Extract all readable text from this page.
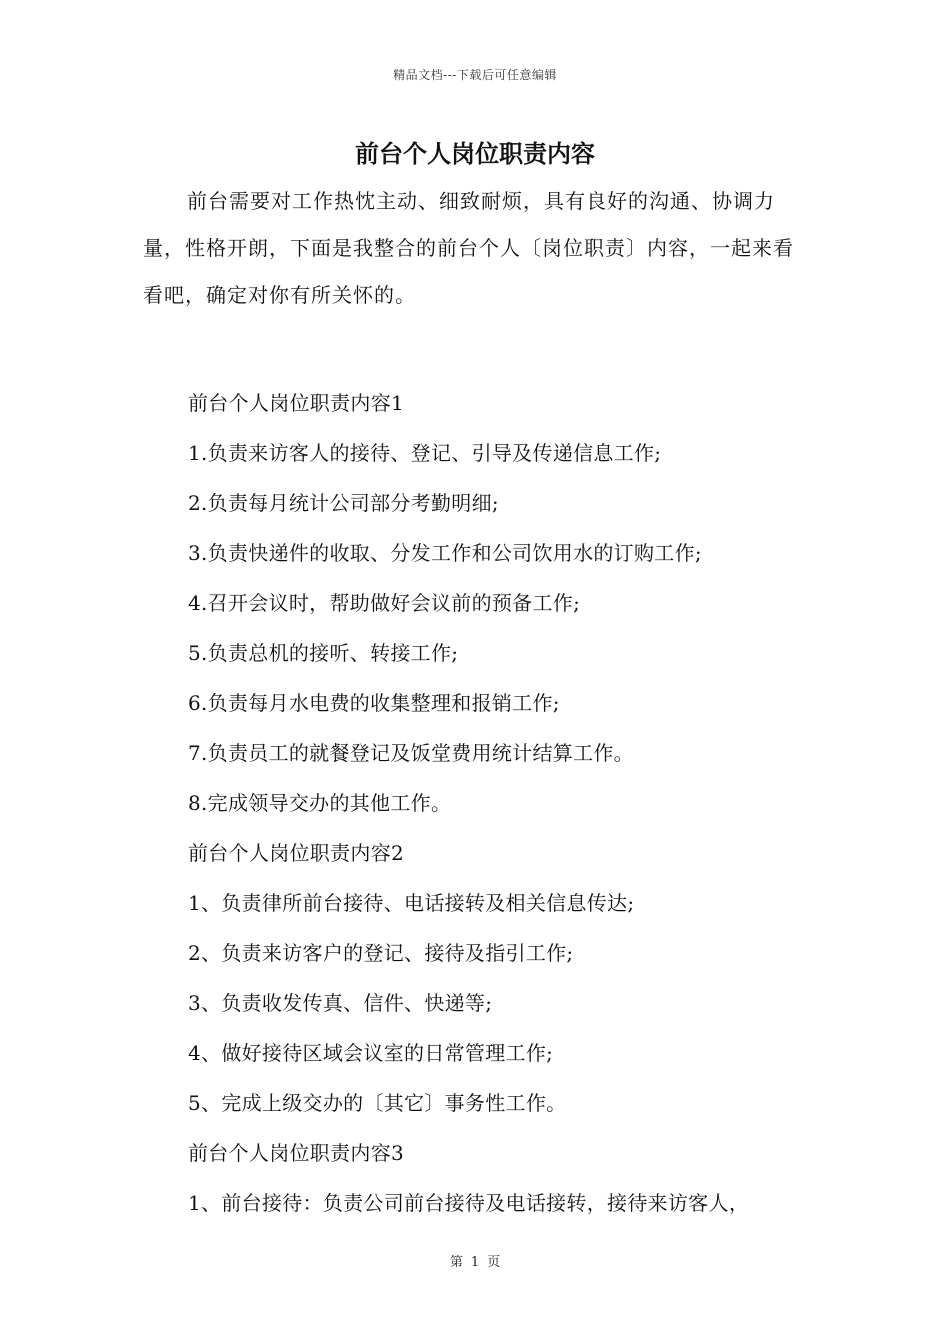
精品文档---下载后可任意编辑
前台个人岗位职责内容

前台需要对工作热忱主动、细致耐烦，具有良好的沟通、协调力量，性格开朗，下面是我整合的前台个人〔岗位职责〕内容，一起来看看吧，确定对你有所关怀的。

前台个人岗位职责内容1
1.负责来访客人的接待、登记、引导及传递信息工作;
2.负责每月统计公司部分考勤明细;
3.负责快递件的收取、分发工作和公司饮用水的订购工作;
4.召开会议时，帮助做好会议前的预备工作;
5.负责总机的接听、转接工作;
6.负责每月水电费的收集整理和报销工作;
7.负责员工的就餐登记及饭堂费用统计结算工作。
8.完成领导交办的其他工作。
前台个人岗位职责内容2
1、负责律所前台接待、电话接转及相关信息传达;
2、负责来访客户的登记、接待及指引工作;
3、负责收发传真、信件、快递等;
4、做好接待区域会议室的日常管理工作;
5、完成上级交办的〔其它〕事务性工作。
前台个人岗位职责内容3
1、前台接待：负责公司前台接待及电话接转，接待来访客人，
第 1 页
